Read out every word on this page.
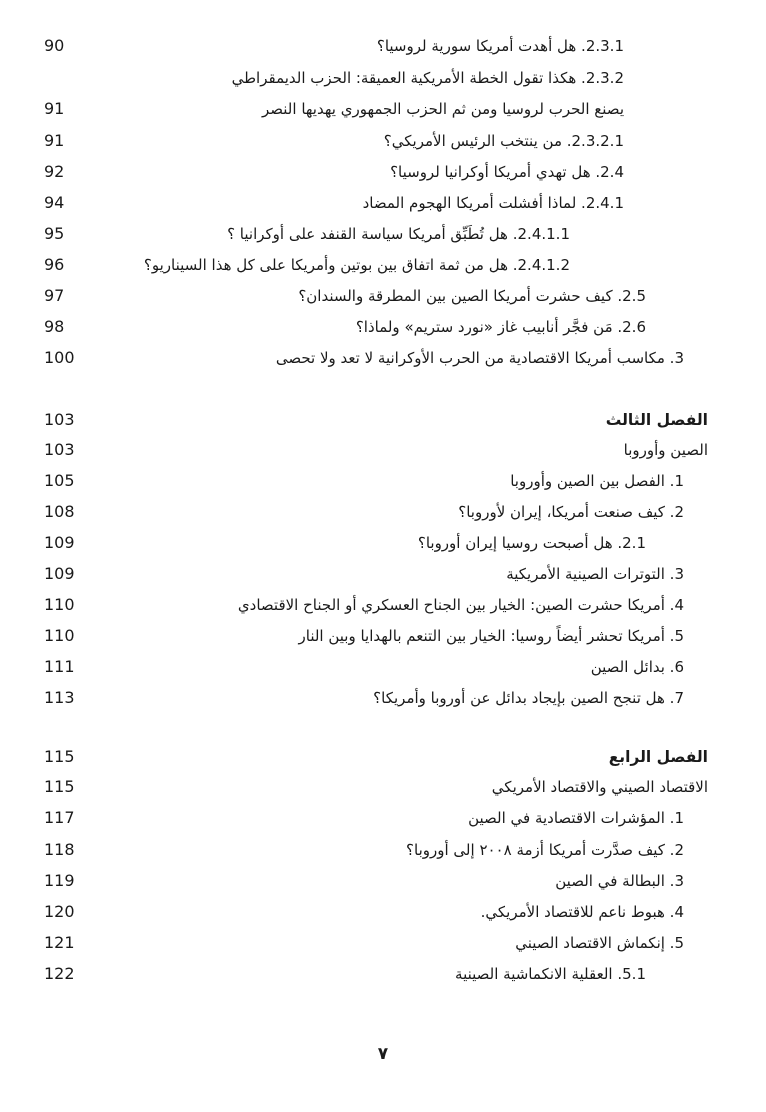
90	2.3.1. هل أهدت أمريكا سورية لروسيا؟
2.3.2. هكذا تقول الخطة الأمريكية العميقة: الحزب الديمقراطي
91	يصنع الحرب لروسيا ومن ثم الحزب الجمهوري يهديها النصر
91	2.3.2.1. من ينتخب الرئيس الأمريكي؟
92	2.4. هل تهدي أمريكا أوكرانيا لروسيا؟
94	2.4.1. لماذا أفشلت أمريكا الهجوم المضاد
95	2.4.1.1. هل تُطَبِّق أمريكا سياسة القنفد على أوكرانيا ؟
96	2.4.1.2. هل من ثمة اتفاق بين بوتين وأمريكا على كل هذا السيناريو؟
97	2.5. كيف حشرت أمريكا الصين بين المطرقة والسندان؟
98	2.6. مَن فجَّر أنابيب غاز «نورد ستريم» ولماذا؟
100	3. مكاسب أمريكا الاقتصادية من الحرب الأوكرانية لا تعد ولا تحصى
103	الفصل الثالث
103	الصين وأوروبا
105	1. الفصل بين الصين وأوروبا
108	2. كيف صنعت أمريكا، إيران لأوروبا؟
109	2.1. هل أصبحت روسيا إيران أوروبا؟
109	3. التوترات الصينية الأمريكية
110	4. أمريكا حشرت الصين: الخيار بين الجناح العسكري أو الجناح الاقتصادي
110	5. أمريكا تحشر أيضاً روسيا: الخيار بين التنعم بالهدايا وبين النار
111	6. بدائل الصين
113	7. هل تنجح الصين بإيجاد بدائل عن أوروبا وأمريكا؟
115	الفصل الرابع
115	الاقتصاد الصيني والاقتصاد الأمريكي
117	1. المؤشرات الاقتصادية في الصين
118	2. كيف صدَّرت أمريكا أزمة ٢٠٠٨ إلى أوروبا؟
119	3. البطالة في الصين
120	4. هبوط ناعم للاقتصاد الأمريكي.
121	5. إنكماش الاقتصاد الصيني
122	5.1. العقلية الانكماشية الصينية
٧
